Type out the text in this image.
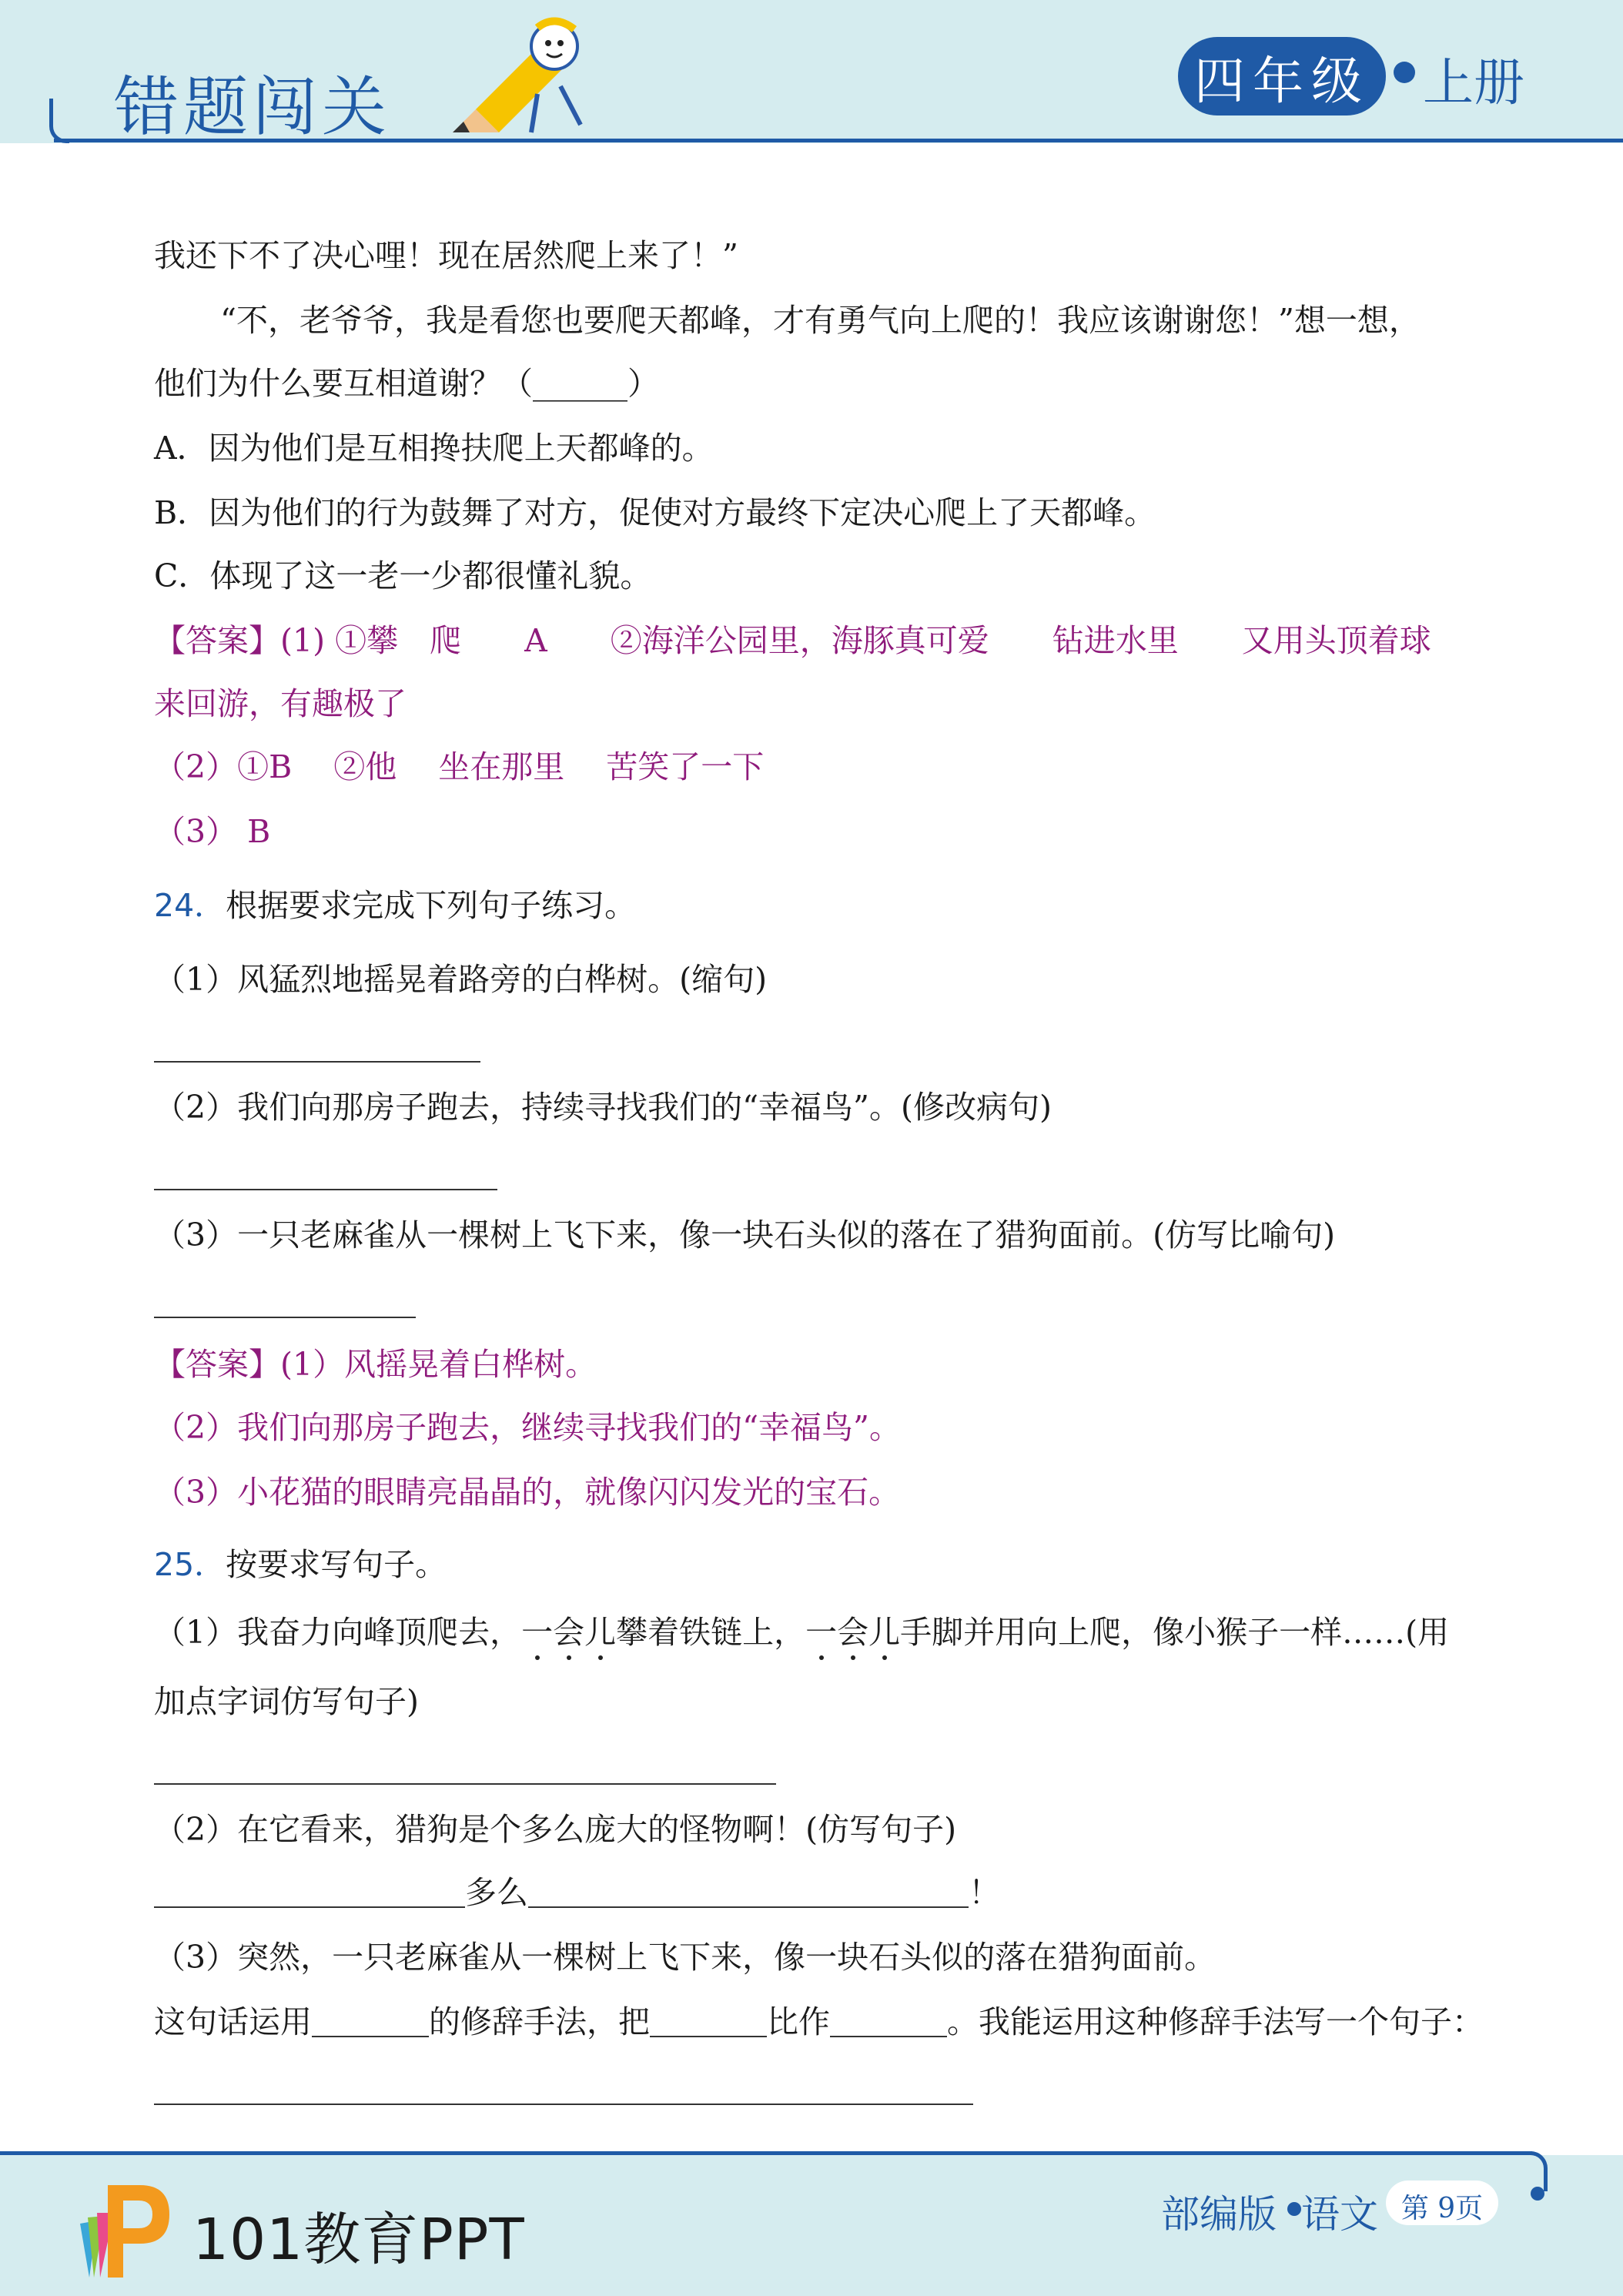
错题闯关	四年级	上册
我还下不了决心哩！现在居然爬上来了！”
“不，老爷爷，我是看您也要爬天都峰，才有勇气向上爬的！我应该谢谢您！”想一想，
他们为什么要互相道谢？（______）
A．因为他们是互相搀扶爬上天都峰的。
B．因为他们的行为鼓舞了对方，促使对方最终下定决心爬上了天都峰。
C．体现了这一老一少都很懂礼貌。
【答案】(1) ①攀　爬　　A　　②海洋公园里，海豚真可爱　　钻进水里　　又用头顶着球
来回游，有趣极了
（2）①B　 ②他　 坐在那里　 苦笑了一下
（3） B
24．根据要求完成下列句子练习。
（1）风猛烈地摇晃着路旁的白桦树。(缩句)
（2）我们向那房子跑去，持续寻找我们的“幸福鸟”。(修改病句)
（3）一只老麻雀从一棵树上飞下来，像一块石头似的落在了猎狗面前。(仿写比喻句)
【答案】(1）风摇晃着白桦树。
（2）我们向那房子跑去，继续寻找我们的“幸福鸟”。
（3）小花猫的眼睛亮晶晶的，就像闪闪发光的宝石。
25．按要求写句子。
（1）我奋力向峰顶爬去，一会儿攀着铁链上，一会儿手脚并用向上爬，像小猴子一样……(用
加点字词仿写句子)
（2）在它看来，猎狗是个多么庞大的怪物啊！(仿写句子)
多么	！
（3）突然，一只老麻雀从一棵树上飞下来，像一块石头似的落在猎狗面前。
这句话运用	的修辞手法，把	比作	。我能运用这种修辞手法写一个句子：
101教育PPT	部编版 语文 第 9页
